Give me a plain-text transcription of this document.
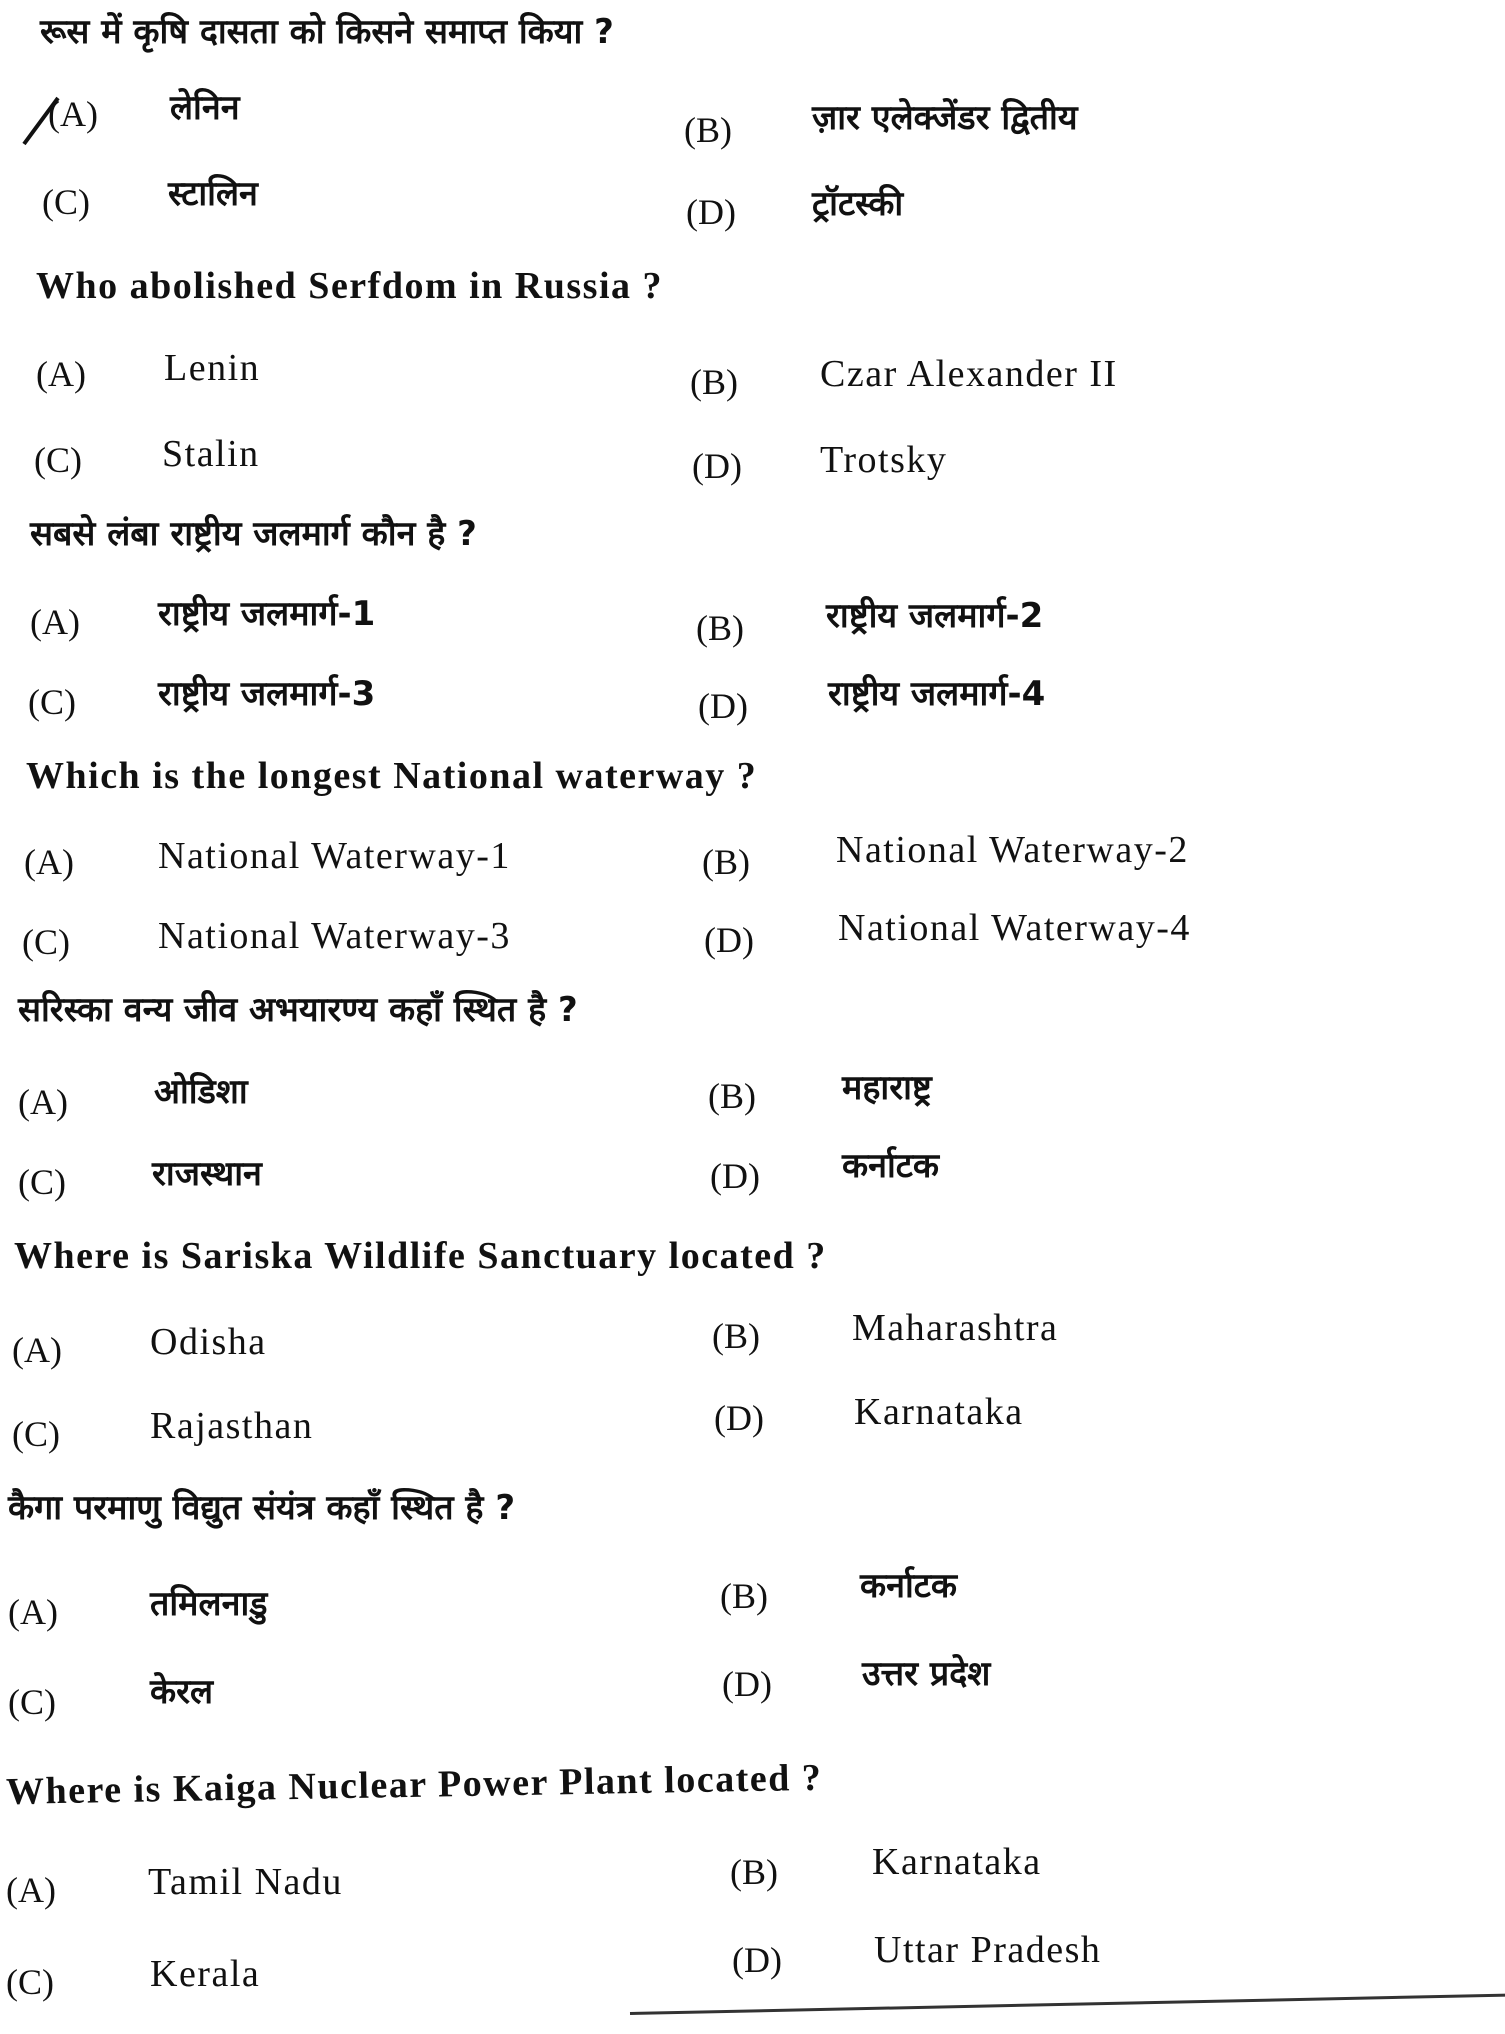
रूस में कृषि दासता को किसने समाप्त किया ?
(A) लेनिन
(B) ज़ार एलेक्जेंडर द्वितीय
(C) स्टालिन	(D) ट्रॉटस्की
Who abolished Serfdom in Russia ?
(A) Lenin	(B) Czar Alexander II
(C) Stalin	(D) Trotsky
सबसे लंबा राष्ट्रीय जलमार्ग कौन है ?
(A) राष्ट्रीय जलमार्ग-1	(B) राष्ट्रीय जलमार्ग-2
(C) राष्ट्रीय जलमार्ग-3	(D) राष्ट्रीय जलमार्ग-4
Which is the longest National waterway ?
(A) National Waterway-1	(B) National Waterway-2
(C) National Waterway-3	(D) National Waterway-4
सरिस्का वन्य जीव अभयारण्य कहाँ स्थित है ?
(A)	ओडिशा	(B)	महाराष्ट्र
(C)	राजस्थान	(D) कर्नाटक
Where is Sariska Wildlife Sanctuary located ?
(A) Odisha	(B) Maharashtra
(C) Rajasthan	(D) Karnataka
कैगा परमाणु विद्युत संयंत्र कहाँ स्थित है ?
(A)	तमिलनाडु	(B)	कर्नाटक
(C)	केरल	(D)	उत्तर प्रदेश
Where is Kaiga Nuclear Power Plant located ?
(A) Tamil Nadu	(B) Karnataka
(C)	Kerala	(D) Uttar Pradesh
